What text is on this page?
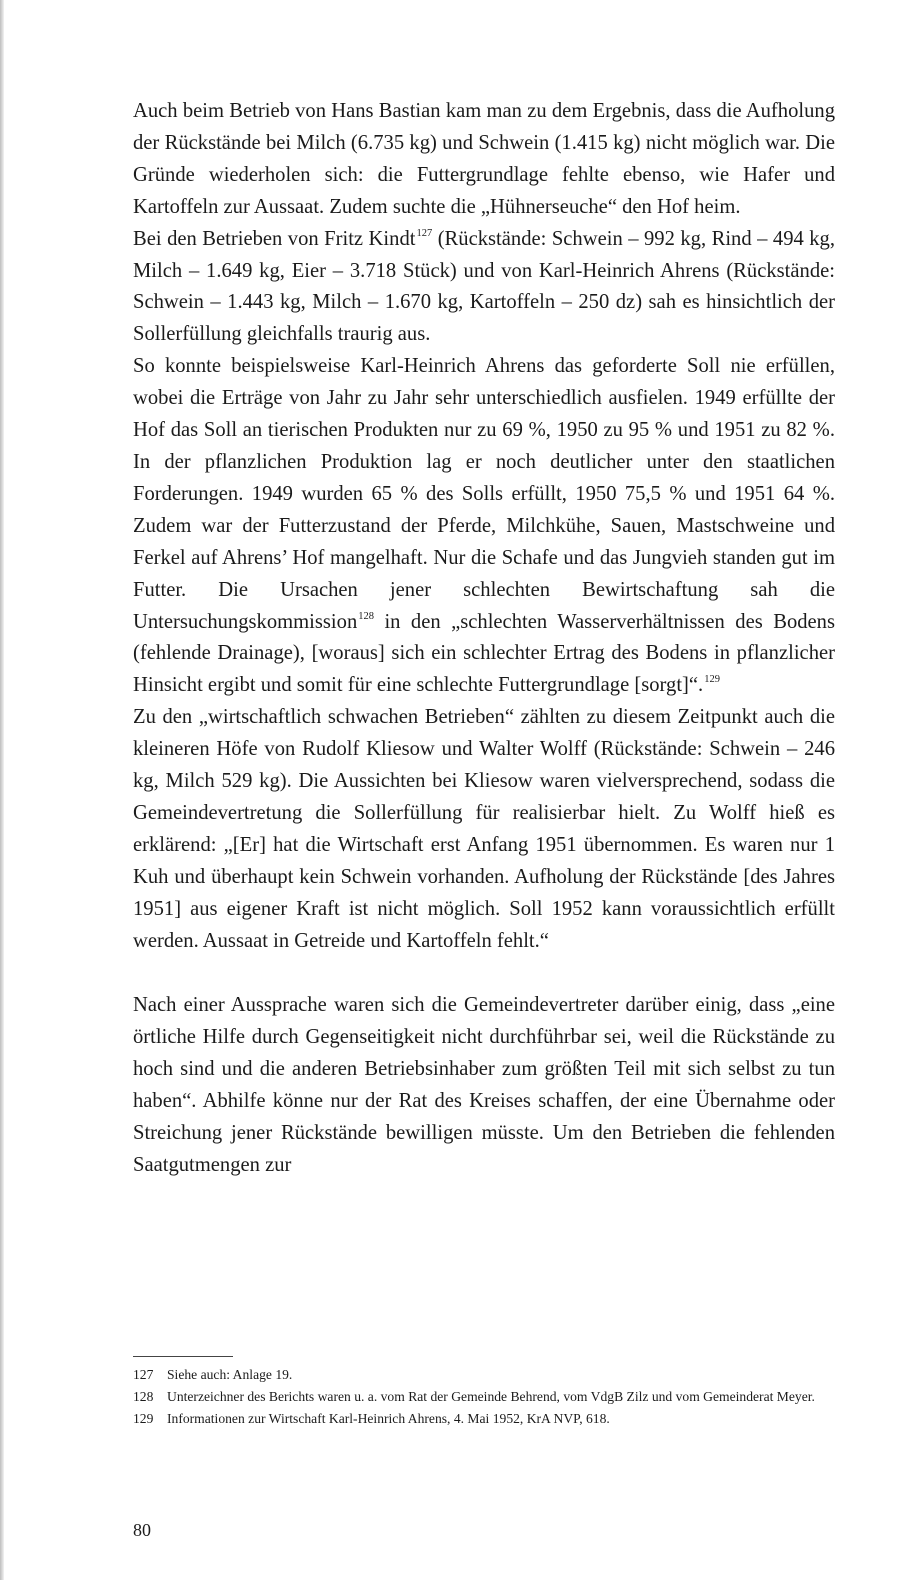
Auch beim Betrieb von Hans Bastian kam man zu dem Ergebnis, dass die Aufholung der Rückstände bei Milch (6.735 kg) und Schwein (1.415 kg) nicht möglich war. Die Gründe wiederholen sich: die Futtergrundlage fehlte ebenso, wie Hafer und Kartoffeln zur Aussaat. Zudem suchte die „Hühnerseuche“ den Hof heim.

Bei den Betrieben von Fritz Kindt$^{127}$ (Rückstände: Schwein – 992 kg, Rind – 494 kg, Milch – 1.649 kg, Eier – 3.718 Stück) und von Karl-Heinrich Ahrens (Rückstände: Schwein – 1.443 kg, Milch – 1.670 kg, Kartoffeln – 250 dz) sah es hinsichtlich der Sollerfüllung gleichfalls traurig aus.

So konnte beispielsweise Karl-Heinrich Ahrens das geforderte Soll nie erfüllen, wobei die Erträge von Jahr zu Jahr sehr unterschiedlich ausfielen. 1949 erfüllte der Hof das Soll an tierischen Produkten nur zu 69 %, 1950 zu 95 % und 1951 zu 82 %. In der pflanzlichen Produktion lag er noch deutlicher unter den staatlichen Forderungen. 1949 wurden 65 % des Solls erfüllt, 1950 75,5 % und 1951 64 %. Zudem war der Futterzustand der Pferde, Milchkühe, Sauen, Mastschweine und Ferkel auf Ahrens’ Hof mangelhaft. Nur die Schafe und das Jungvieh standen gut im Futter. Die Ursachen jener schlechten Bewirtschaftung sah die Untersuchungskommission$^{128}$ in den „schlechten Wasserverhältnissen des Bodens (fehlende Drainage), [woraus] sich ein schlechter Ertrag des Bodens in pflanzlicher Hinsicht ergibt und somit für eine schlechte Futtergrundlage [sorgt]“.$^{129}$

Zu den „wirtschaftlich schwachen Betrieben“ zählten zu diesem Zeitpunkt auch die kleineren Höfe von Rudolf Kliesow und Walter Wolff (Rückstände: Schwein – 246 kg, Milch 529 kg). Die Aussichten bei Kliesow waren vielversprechend, sodass die Gemeindevertretung die Sollerfüllung für realisierbar hielt. Zu Wolff hieß es erklärend: „[Er] hat die Wirtschaft erst Anfang 1951 übernommen. Es waren nur 1 Kuh und überhaupt kein Schwein vorhanden. Aufholung der Rückstände [des Jahres 1951] aus eigener Kraft ist nicht möglich. Soll 1952 kann voraussichtlich erfüllt werden. Aussaat in Getreide und Kartoffeln fehlt.“

Nach einer Aussprache waren sich die Gemeindevertreter darüber einig, dass „eine örtliche Hilfe durch Gegenseitigkeit nicht durchführbar sei, weil die Rückstände zu hoch sind und die anderen Betriebsinhaber zum größten Teil mit sich selbst zu tun haben“. Abhilfe könne nur der Rat des Kreises schaffen, der eine Übernahme oder Streichung jener Rückstände bewilligen müsste. Um den Betrieben die fehlenden Saatgutmengen zur

127	Siehe auch: Anlage 19.
128	Unterzeichner des Berichts waren u. a. vom Rat der Gemeinde Behrend, vom VdgB Zilz und vom Gemeinderat Meyer.
129	Informationen zur Wirtschaft Karl-Heinrich Ahrens, 4. Mai 1952, KrA NVP, 618.
80
